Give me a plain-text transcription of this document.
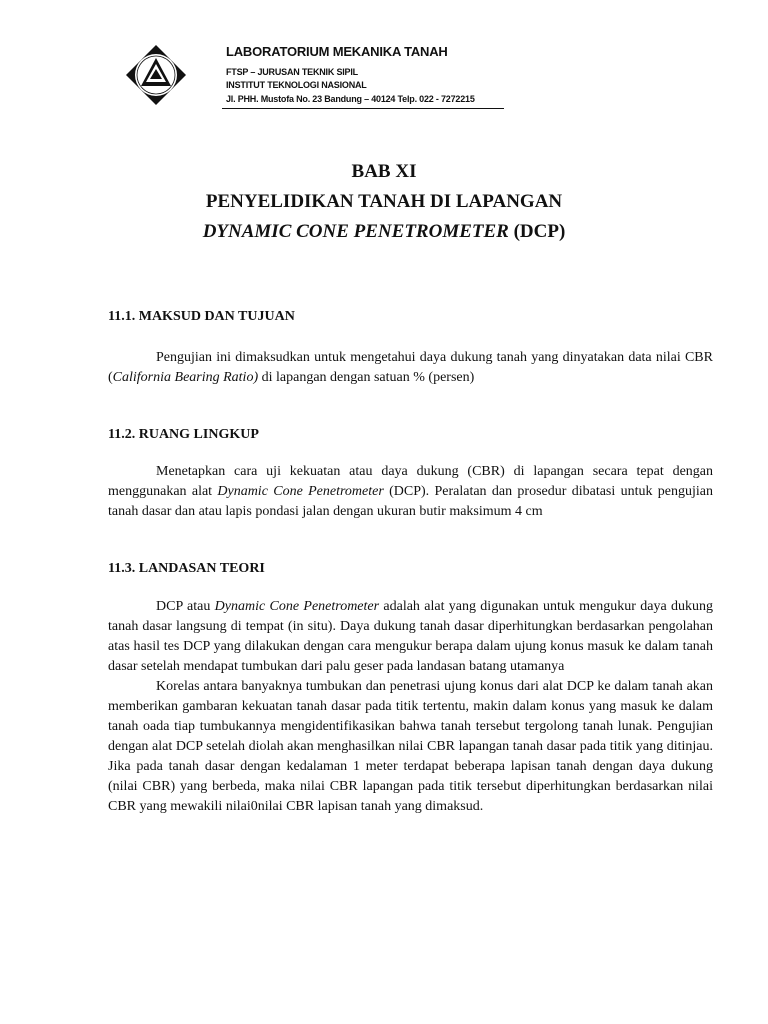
LABORATORIUM MEKANIKA TANAH
FTSP – JURUSAN TEKNIK SIPIL
INSTITUT TEKNOLOGI NASIONAL
Jl. PHH. Mustofa No. 23 Bandung – 40124 Telp. 022 - 7272215
BAB XI
PENYELIDIKAN TANAH DI LAPANGAN
DYNAMIC CONE PENETROMETER (DCP)
11.1. MAKSUD DAN TUJUAN

Pengujian ini dimaksudkan untuk mengetahui daya dukung tanah yang dinyatakan data nilai CBR (California Bearing Ratio) di lapangan dengan satuan % (persen)

11.2. RUANG LINGKUP

Menetapkan cara uji kekuatan atau daya dukung (CBR) di lapangan secara tepat dengan menggunakan alat Dynamic Cone Penetrometer (DCP). Peralatan dan prosedur dibatasi untuk pengujian tanah dasar dan atau lapis pondasi jalan dengan ukuran butir maksimum 4 cm

11.3. LANDASAN TEORI

DCP atau Dynamic Cone Penetrometer adalah alat yang digunakan untuk mengukur daya dukung tanah dasar langsung di tempat (in situ). Daya dukung tanah dasar diperhitungkan berdasarkan pengolahan atas hasil tes DCP yang dilakukan dengan cara mengukur berapa dalam ujung konus masuk ke dalam tanah dasar setelah mendapat tumbukan dari palu geser pada landasan batang utamanya

Korelas antara banyaknya tumbukan dan penetrasi ujung konus dari alat DCP ke dalam tanah akan memberikan gambaran kekuatan tanah dasar pada titik tertentu, makin dalam konus yang masuk ke dalam tanah oada tiap tumbukannya mengidentifikasikan bahwa tanah tersebut tergolong tanah lunak. Pengujian dengan alat DCP setelah diolah akan menghasilkan nilai CBR lapangan tanah dasar pada titik yang ditinjau. Jika pada tanah dasar dengan kedalaman 1 meter terdapat beberapa lapisan tanah dengan daya dukung (nilai CBR) yang berbeda, maka nilai CBR lapangan pada titik tersebut diperhitungkan berdasarkan nilai CBR yang mewakili nilai0nilai CBR lapisan tanah yang dimaksud.
